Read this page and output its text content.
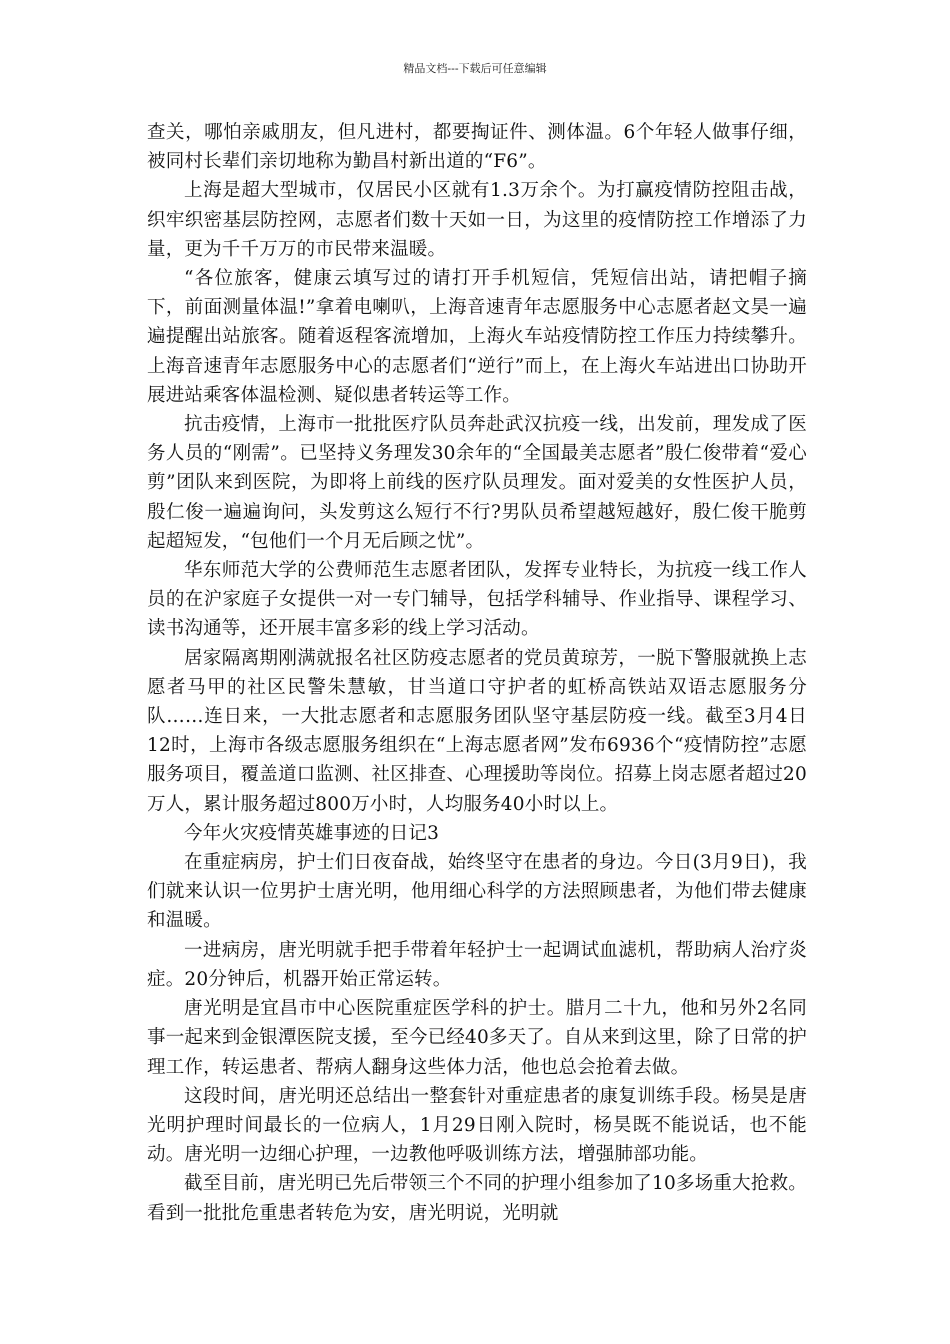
精品文档---下载后可任意编辑

查关，哪怕亲戚朋友，但凡进村，都要掏证件、测体温。6个年轻人做事仔细，被同村长辈们亲切地称为勤昌村新出道的“F6”。

上海是超大型城市，仅居民小区就有1.3万余个。为打赢疫情防控阻击战，织牢织密基层防控网，志愿者们数十天如一日，为这里的疫情防控工作增添了力量，更为千千万万的市民带来温暖。

“各位旅客，健康云填写过的请打开手机短信，凭短信出站，请把帽子摘下，前面测量体温!”拿着电喇叭，上海音速青年志愿服务中心志愿者赵文昊一遍遍提醒出站旅客。随着返程客流增加，上海火车站疫情防控工作压力持续攀升。上海音速青年志愿服务中心的志愿者们“逆行”而上，在上海火车站进出口协助开展进站乘客体温检测、疑似患者转运等工作。

抗击疫情，上海市一批批医疗队员奔赴武汉抗疫一线，出发前，理发成了医务人员的“刚需”。已坚持义务理发30余年的“全国最美志愿者”殷仁俊带着“爱心剪”团队来到医院，为即将上前线的医疗队员理发。面对爱美的女性医护人员，殷仁俊一遍遍询问，头发剪这么短行不行?男队员希望越短越好，殷仁俊干脆剪起超短发，“包他们一个月无后顾之忧”。

华东师范大学的公费师范生志愿者团队，发挥专业特长，为抗疫一线工作人员的在沪家庭子女提供一对一专门辅导，包括学科辅导、作业指导、课程学习、读书沟通等，还开展丰富多彩的线上学习活动。

居家隔离期刚满就报名社区防疫志愿者的党员黄琼芳，一脱下警服就换上志愿者马甲的社区民警朱慧敏，甘当道口守护者的虹桥高铁站双语志愿服务分队……连日来，一大批志愿者和志愿服务团队坚守基层防疫一线。截至3月4日12时，上海市各级志愿服务组织在“上海志愿者网”发布6936个“疫情防控”志愿服务项目，覆盖道口监测、社区排查、心理援助等岗位。招募上岗志愿者超过20万人，累计服务超过800万小时，人均服务40小时以上。

今年火灾疫情英雄事迹的日记3

在重症病房，护士们日夜奋战，始终坚守在患者的身边。今日(3月9日)，我们就来认识一位男护士唐光明，他用细心科学的方法照顾患者，为他们带去健康和温暖。

一进病房，唐光明就手把手带着年轻护士一起调试血滤机，帮助病人治疗炎症。20分钟后，机器开始正常运转。

唐光明是宜昌市中心医院重症医学科的护士。腊月二十九，他和另外2名同事一起来到金银潭医院支援，至今已经40多天了。自从来到这里，除了日常的护理工作，转运患者、帮病人翻身这些体力活，他也总会抢着去做。

这段时间，唐光明还总结出一整套针对重症患者的康复训练手段。杨昊是唐光明护理时间最长的一位病人，1月29日刚入院时，杨昊既不能说话，也不能动。唐光明一边细心护理，一边教他呼吸训练方法，增强肺部功能。

截至目前，唐光明已先后带领三个不同的护理小组参加了10多场重大抢救。看到一批批危重患者转危为安，唐光明说，光明就
